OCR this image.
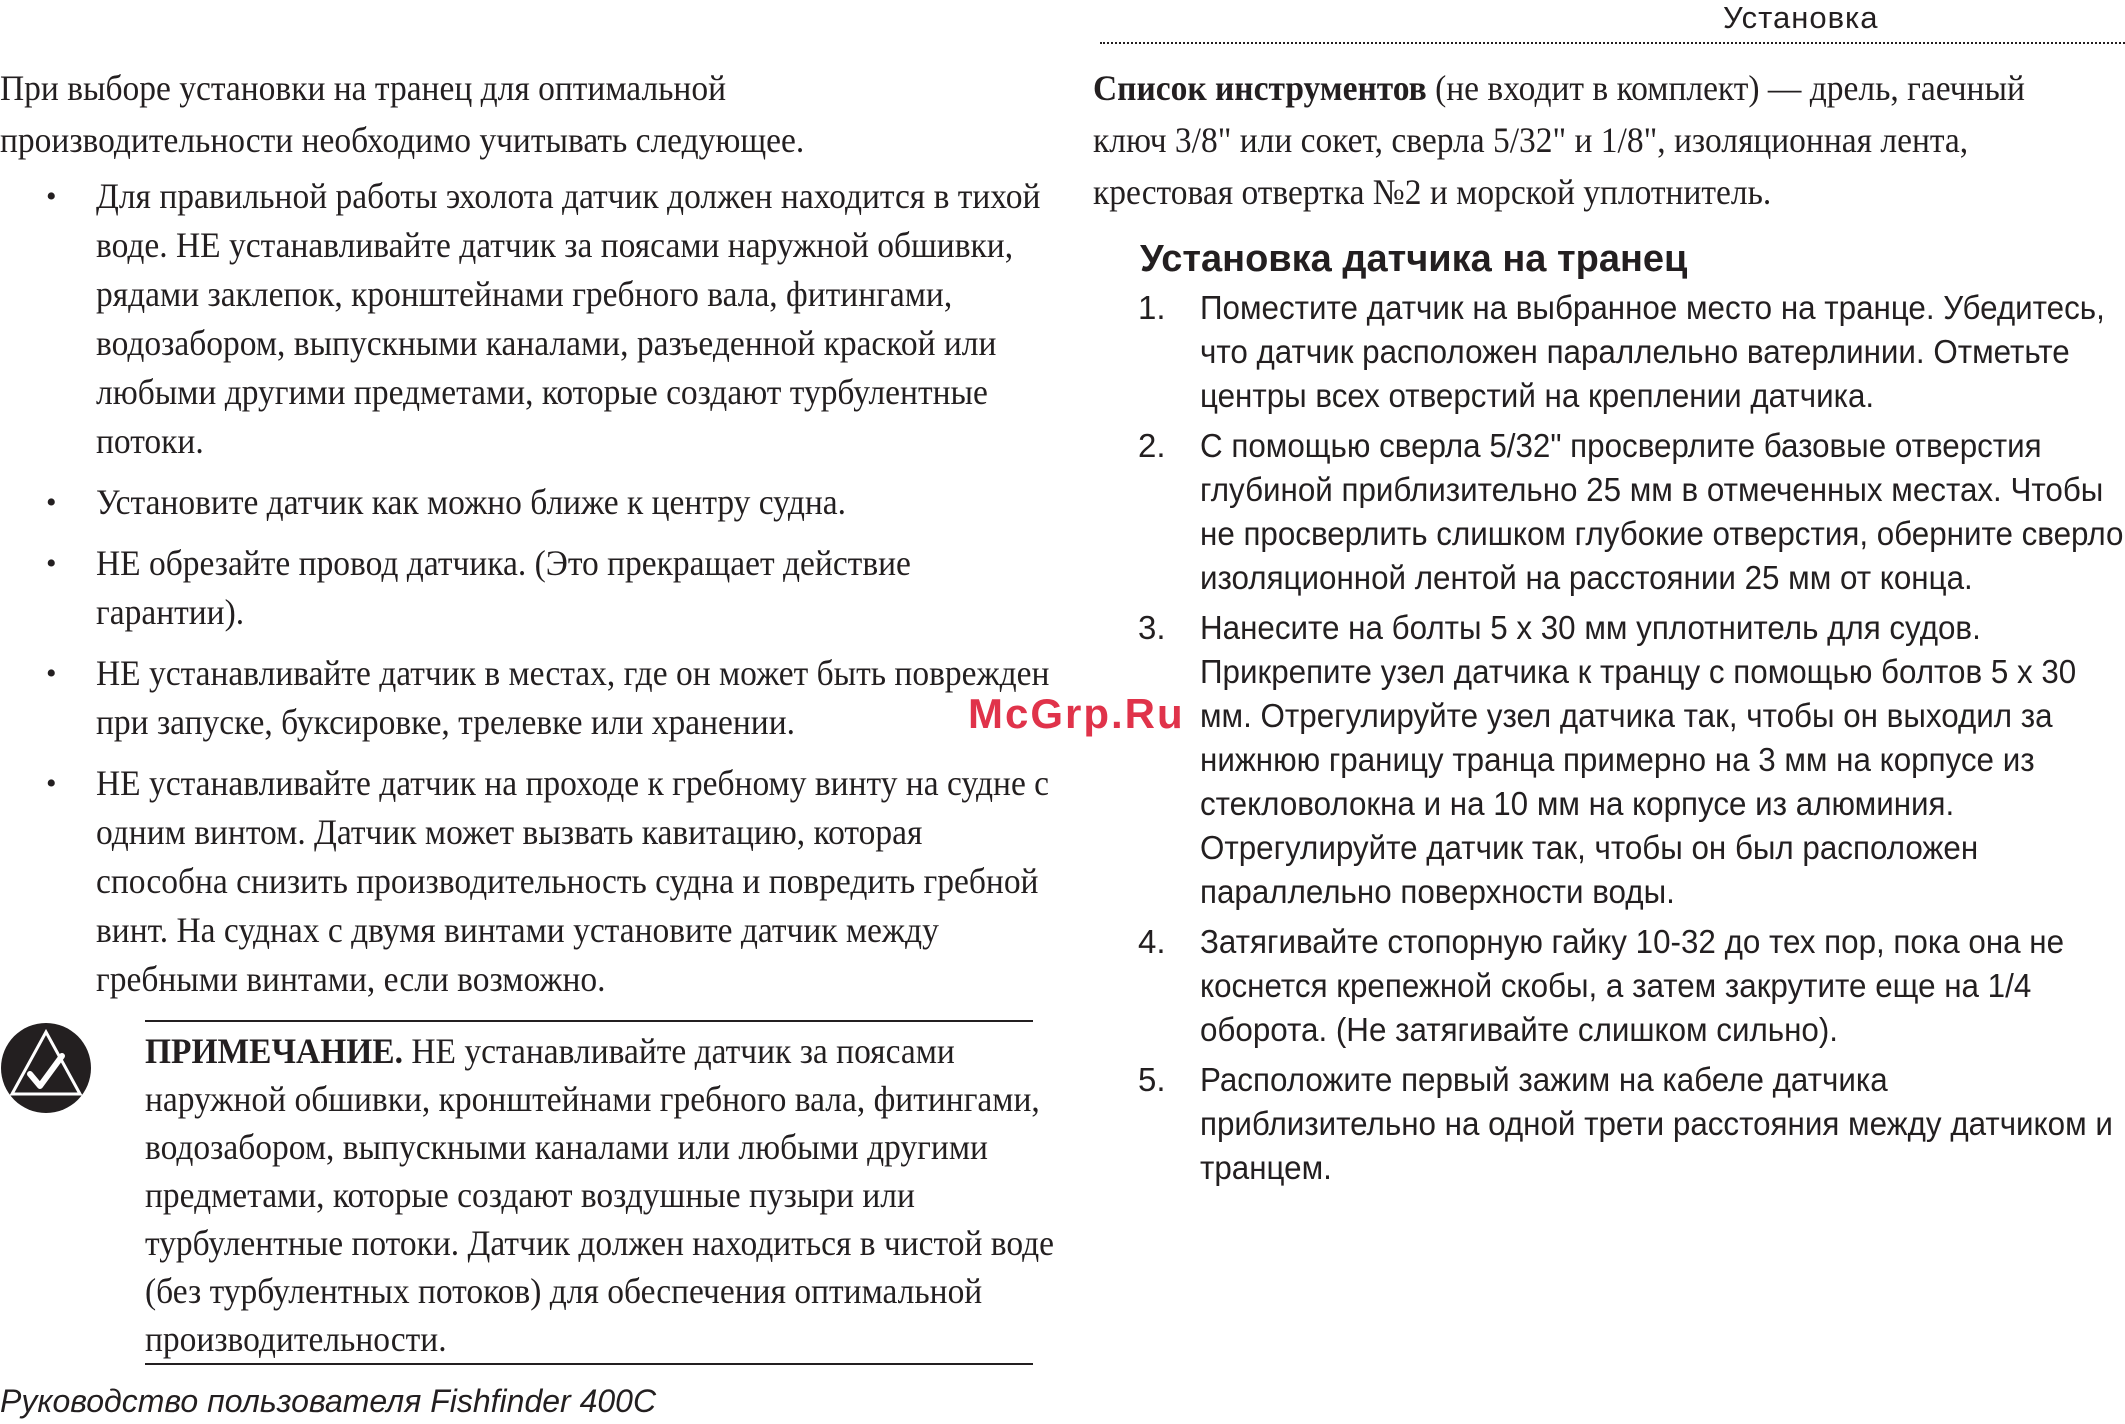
Установка
При выборе установки на транец для оптимальной производительности необходимо учитывать следующее.
• Для правильной работы эхолота датчик должен находится в тихой воде. НЕ устанавливайте датчик за поясами наружной обшивки, рядами заклепок, кронштейнами гребного вала, фитингами, водозабором, выпускными каналами, разъеденной краской или любыми другими предметами, которые создают турбулентные потоки.
• Установите датчик как можно ближе к центру судна.
• НЕ обрезайте провод датчика. (Это прекращает действие гарантии).
• НЕ устанавливайте датчик в местах, где он может быть поврежден при запуске, буксировке, трелевке или хранении.
• НЕ устанавливайте датчик на проходе к гребному винту на судне с одним винтом. Датчик может вызвать кавитацию, которая способна снизить производительность судна и повредить гребной винт. На суднах с двумя винтами установите датчик между гребными винтами, если возможно.
ПРИМЕЧАНИЕ. НЕ устанавливайте датчик за поясами наружной обшивки, кронштейнами гребного вала, фитингами, водозабором, выпускными каналами или любыми другими предметами, которые создают воздушные пузыри или турбулентные потоки. Датчик должен находиться в чистой воде (без турбулентных потоков) для обеспечения оптимальной производительности.
Руководство пользователя Fishfinder 400C
Список инструментов (не входит в комплект) — дрель, гаечный ключ 3/8" или сокет, сверла 5/32" и 1/8", изоляционная лента, крестовая отвертка №2 и морской уплотнитель.
Установка датчика на транец
1. Поместите датчик на выбранное место на транце. Убедитесь, что датчик расположен параллельно ватерлинии. Отметьте центры всех отверстий на креплении датчика.
2. С помощью сверла 5/32" просверлите базовые отверстия глубиной приблизительно 25 мм в отмеченных местах. Чтобы не просверлить слишком глубокие отверстия, оберните сверло изоляционной лентой на расстоянии 25 мм от конца.
3. Нанесите на болты 5 x 30 мм уплотнитель для судов. Прикрепите узел датчика к транцу с помощью болтов 5 x 30 мм. Отрегулируйте узел датчика так, чтобы он выходил за нижнюю границу транца примерно на 3 мм на корпусе из стекловолокна и на 10 мм на корпусе из алюминия. Отрегулируйте датчик так, чтобы он был расположен параллельно поверхности воды.
4. Затягивайте стопорную гайку 10-32 до тех пор, пока она не коснется крепежной скобы, а затем закрутите еще на 1/4 оборота. (Не затягивайте слишком сильно).
5. Расположите первый зажим на кабеле датчика приблизительно на одной трети расстояния между датчиком и транцем.
McGrp.Ru
